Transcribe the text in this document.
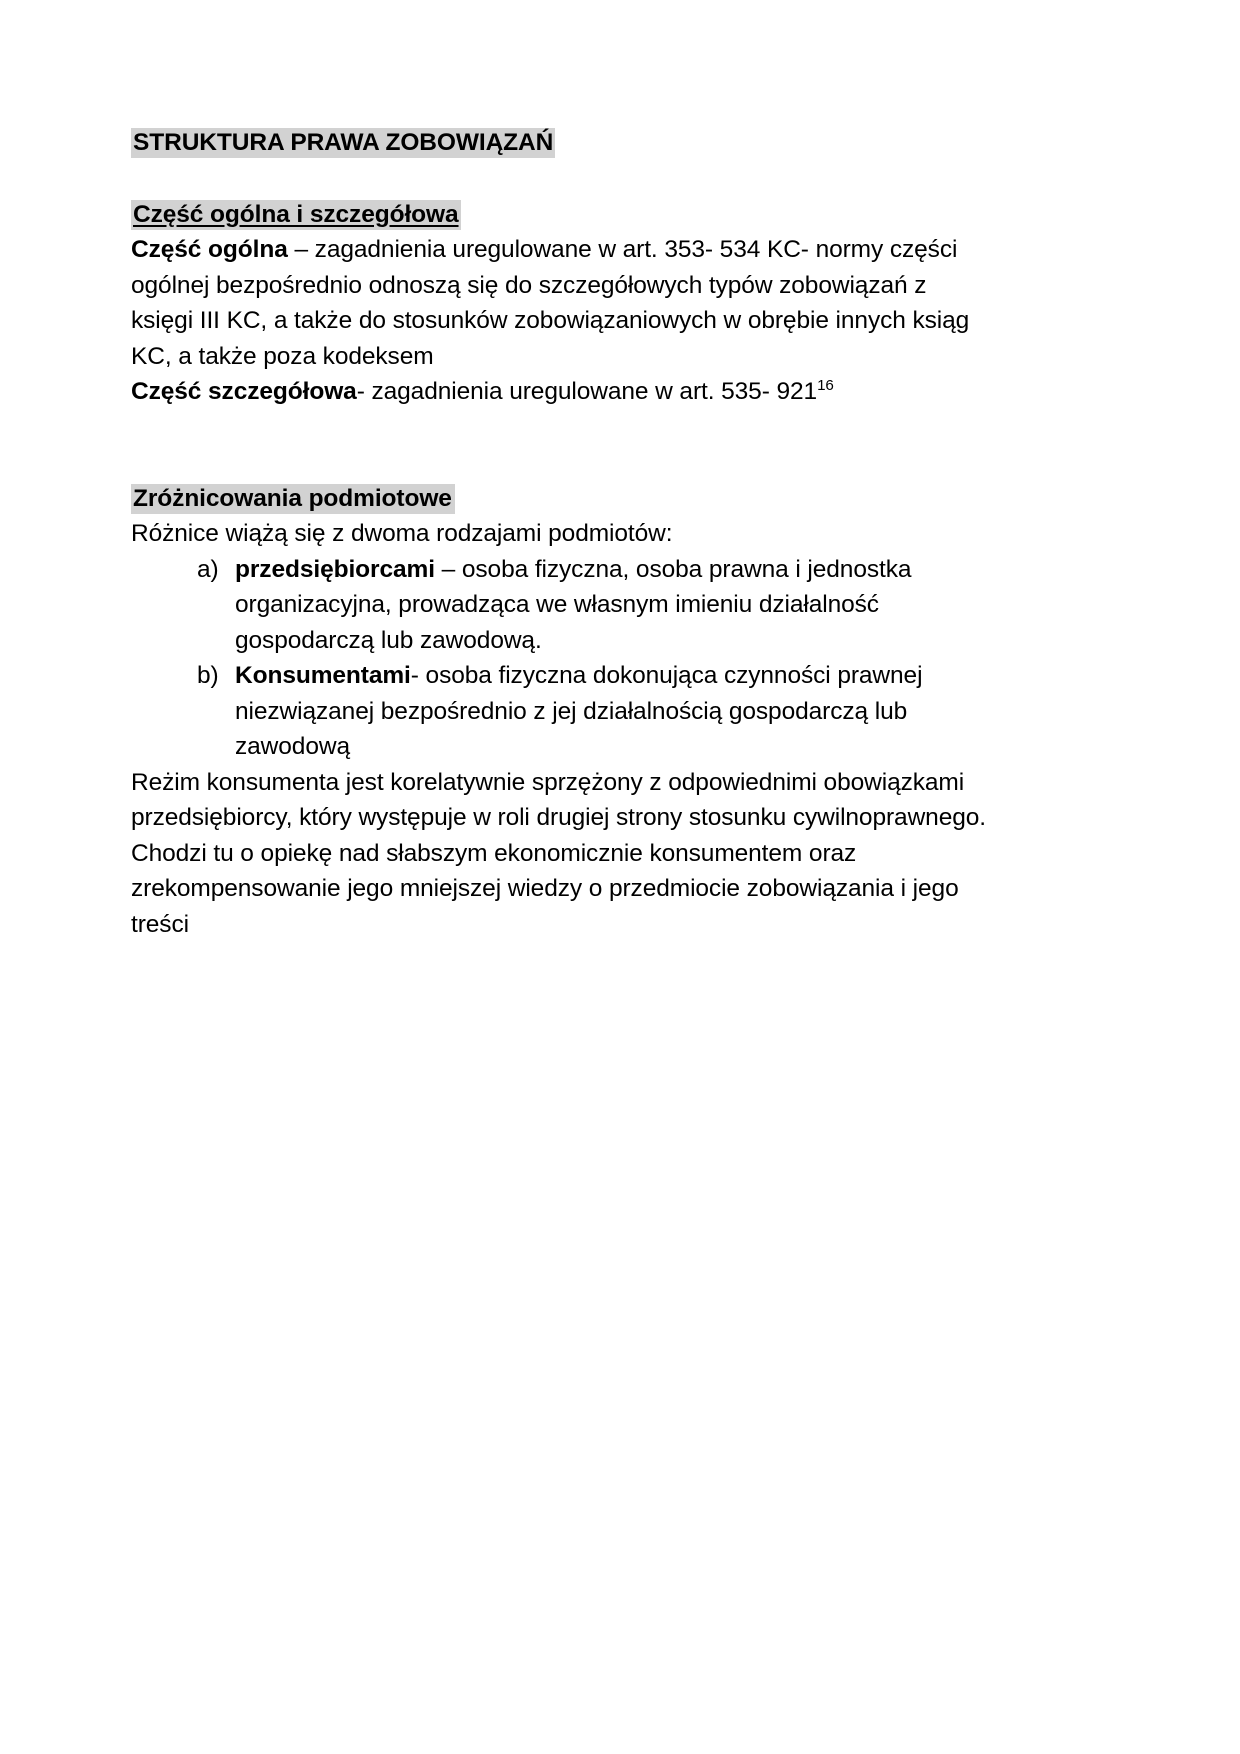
STRUKTURA PRAWA ZOBOWIĄZAŃ
Część ogólna i szczegółowa
Część ogólna – zagadnienia uregulowane w art. 353- 534 KC- normy części ogólnej bezpośrednio odnoszą się do szczegółowych typów zobowiązań z księgi III KC, a także do stosunków zobowiązaniowych w obrębie innych ksiąg KC, a także poza kodeksem
Część szczegółowa- zagadnienia uregulowane w art. 535- $921^{16}$
Zróżnicowania podmiotowe
Różnice wiążą się z dwoma rodzajami podmiotów:
a) przedsiębiorcami – osoba fizyczna, osoba prawna i jednostka organizacyjna, prowadząca we własnym imieniu działalność gospodarczą lub zawodową.
b) Konsumentami- osoba fizyczna dokonująca czynności prawnej niezwiązanej bezpośrednio z jej działalnością gospodarczą lub zawodową
Reżim konsumenta jest korelatywnie sprzężony z odpowiednimi obowiązkami przedsiębiorcy, który występuje w roli drugiej strony stosunku cywilnoprawnego. Chodzi tu o opiekę nad słabszym ekonomicznie konsumentem oraz zrekompensowanie jego mniejszej wiedzy o przedmiocie zobowiązania i jego treści
